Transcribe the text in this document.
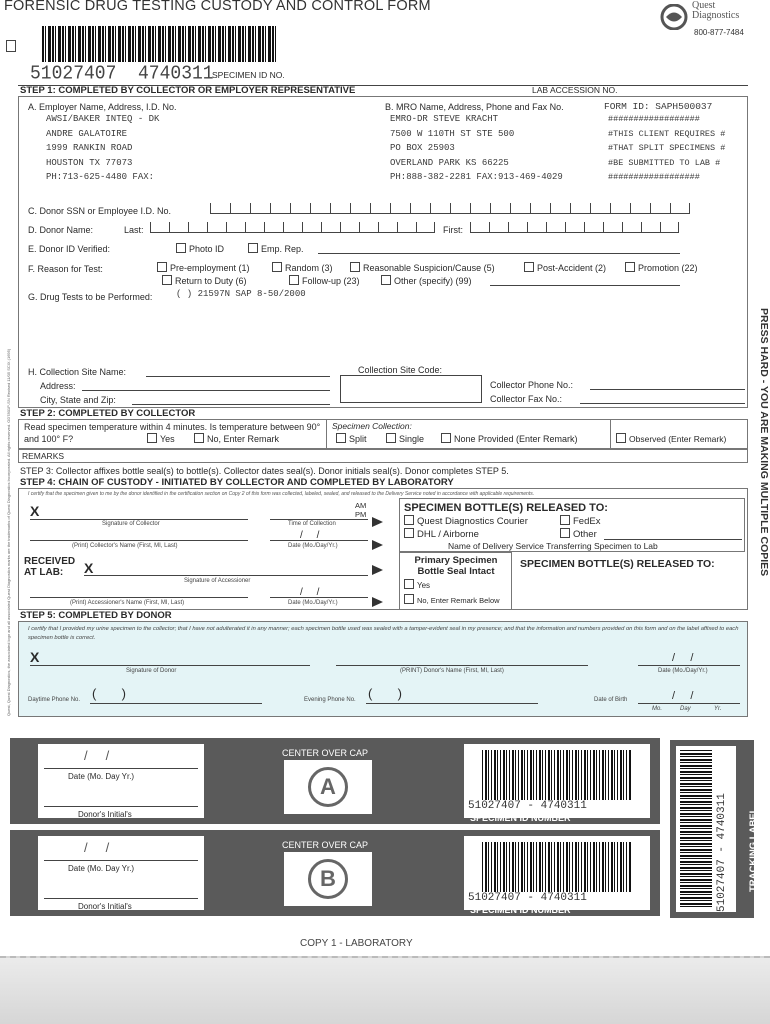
FORENSIC DRUG TESTING CUSTODY AND CONTROL FORM	Quest
Diagnostics
800-877-7484
51027407 4740311
SPECIMEN ID NO.
STEP 1: COMPLETED BY COLLECTOR OR EMPLOYER REPRESENTATIVE	LAB ACCESSION NO.
A. Employer Name, Address, I.D. No.
AWSI/BAKER INTEQ - DK
ANDRE GALATOIRE
1999 RANKIN ROAD
HOUSTON TX 77073
PH:713-625-4480 FAX:
B. MRO Name, Address, Phone and Fax No.
EMRO-DR STEVE KRACHT
7500 W 110TH ST STE 500
PO BOX 25903
OVERLAND PARK KS 66225
PH:888-382-2281 FAX:913-469-4029
FORM ID: SAPH500037
##################
#THIS CLIENT REQUIRES #
#THAT SPLIT SPECIMENS #
#BE SUBMITTED TO LAB #
##################
C. Donor SSN or Employee I.D. No.
D. Donor Name:	Last:	First:
E. Donor ID Verified:	Photo ID	Emp. Rep.
F. Reason for Test:	Pre-employment (1)	Random (3)	Reasonable Suspicion/Cause (5)	Post-Accident (2)	Promotion (22)
Return to Duty (6)	Follow-up (23)	Other (specify) (99)
G. Drug Tests to be Performed:	( ) 21597N SAP 8-50/2000
H. Collection Site Name:
Address:
City, State and Zip:
Collection Site Code:
Collector Phone No.:
Collector Fax No.:
STEP 2: COMPLETED BY COLLECTOR
Read specimen temperature within 4 minutes. Is temperature between 90° and 100° F?	Yes	No, Enter Remark
Specimen Collection:
Split	Single	None Provided (Enter Remark)	Observed (Enter Remark)
REMARKS
STEP 3: Collector affixes bottle seal(s) to bottle(s). Collector dates seal(s). Donor initials seal(s). Donor completes STEP 5.
STEP 4: CHAIN OF CUSTODY - INITIATED BY COLLECTOR AND COMPLETED BY LABORATORY
I certify that the specimen given to me by the donor identified in the certification section on Copy 2 of this form was collected, labeled, sealed, and released to the Delivery Service noted in accordance with applicable requirements.
X
Signature of Collector
AM
PM
Time of Collection
(Print) Collector's Name (First, MI, Last)
/     /
Date (Mo./Day/Yr.)
SPECIMEN BOTTLE(S) RELEASED TO:
Quest Diagnostics Courier	FedEx
DHL / Airborne	Other
Name of Delivery Service Transferring Specimen to Lab
RECEIVED
AT LAB:	X
Signature of Accessioner
(Print) Accessioner's Name (First, MI, Last)
/     /
Date (Mo./Day/Yr.)
Primary Specimen
Bottle Seal Intact
Yes
No, Enter Remark Below
SPECIMEN BOTTLE(S) RELEASED TO:
STEP 5: COMPLETED BY DONOR
I certify that I provided my urine specimen to the collector; that I have not adulterated it in any manner; each specimen bottle used was sealed with a tamper-evident seal in my presence; and that the information and numbers provided on this form and on the label affixed to each specimen bottle is correct.
X
Signature of Donor	(PRINT) Donor's Name (First, MI, Last)
/     /
Date (Mo./Day/Yr.)
Daytime Phone No. (       )	Evening Phone No. (       )	Date of Birth	/     /
Mo.	Day	Yr.
/     /
Date (Mo. Day Yr.)
Donor's Initial's
CENTER OVER CAP
A
51027407 - 4740311
SPECIMEN ID NUMBER
/     /
Date (Mo. Day Yr.)
Donor's Initial's
CENTER OVER CAP
B
51027407 - 4740311
SPECIMEN ID NUMBER	51027407 - 4740311 TRACKING LABEL
COPY 1 - LABORATORY
PRESS HARD - YOU ARE MAKING MULTIPLE COPIES
Quest, Quest Diagnostics, the associated logo and all associated Quest Diagnostics marks are the trademarks of Quest Diagnostics Incorporated. All rights reserved. OD7801P-SN Revised 11/05 SCIX (1695)
